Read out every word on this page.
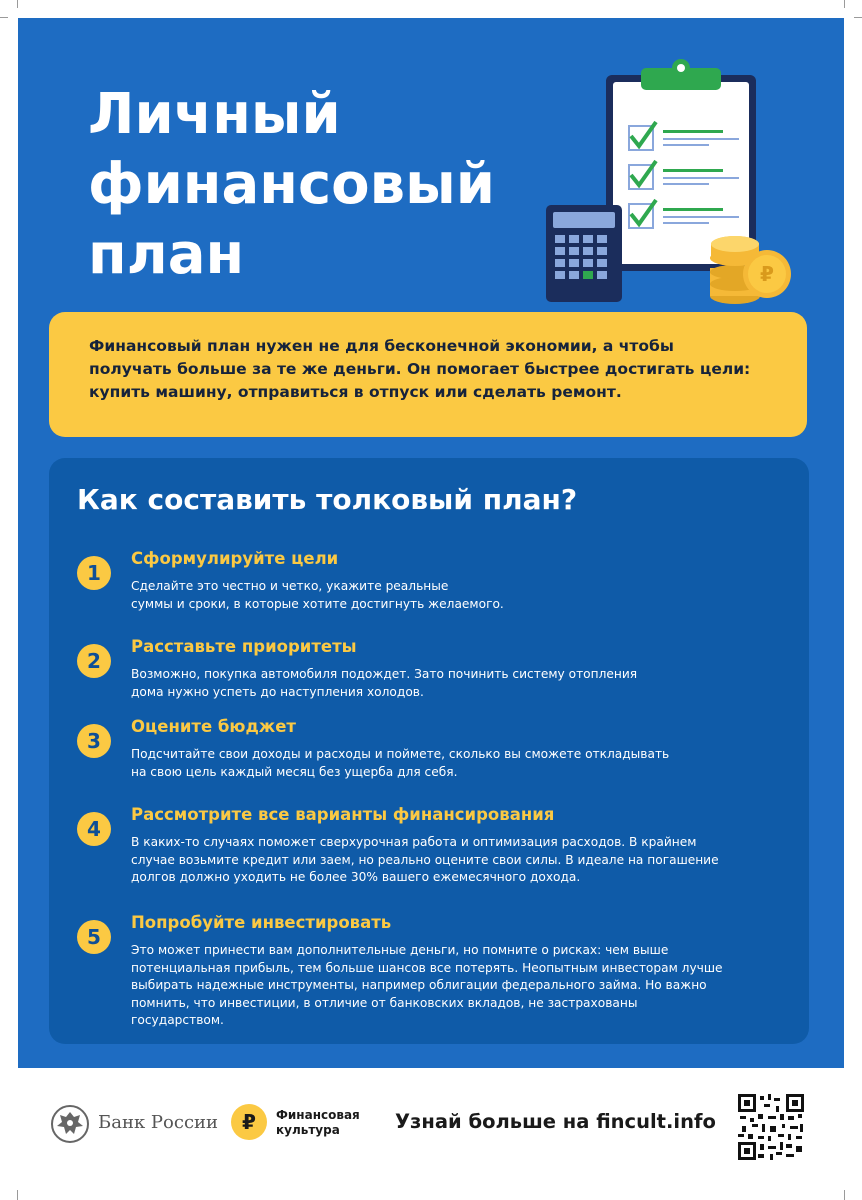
Личный
финансовый
план	₽

Финансовый план нужен не для бесконечной экономии, а чтобы
получать больше за те же деньги. Он помогает быстрее достигать цели:
купить машину, отправиться в отпуск или сделать ремонт.

Как составить толковый план?
1
Сформулируйте цели

Сделайте это честно и четко, укажите реальные
суммы и сроки, в которые хотите достигнуть желаемого.

2
Расставьте приоритеты

Возможно, покупка автомобиля подождет. Зато починить систему отопления
дома нужно успеть до наступления холодов.

3
Оцените бюджет

Подсчитайте свои доходы и расходы и поймете, сколько вы сможете откладывать
на свою цель каждый месяц без ущерба для себя.

4
Рассмотрите все варианты финансирования

В каких-то случаях поможет сверхурочная работа и оптимизация расходов. В крайнем
случае возьмите кредит или заем, но реально оцените свои силы. В идеале на погашение
долгов должно уходить не более 30% вашего ежемесячного дохода.

5
Попробуйте инвестировать

Это может принести вам дополнительные деньги, но помните о рисках: чем выше
потенциальная прибыль, тем больше шансов все потерять. Неопытным инвесторам лучше
выбирать надежные инструменты, например облигации федерального займа. Но важно
помнить, что инвестиции, в отличие от банковских вкладов, не застрахованы
государством.

Банк России ₽ Финансовая
культура	Узнай больше на fincult.info
